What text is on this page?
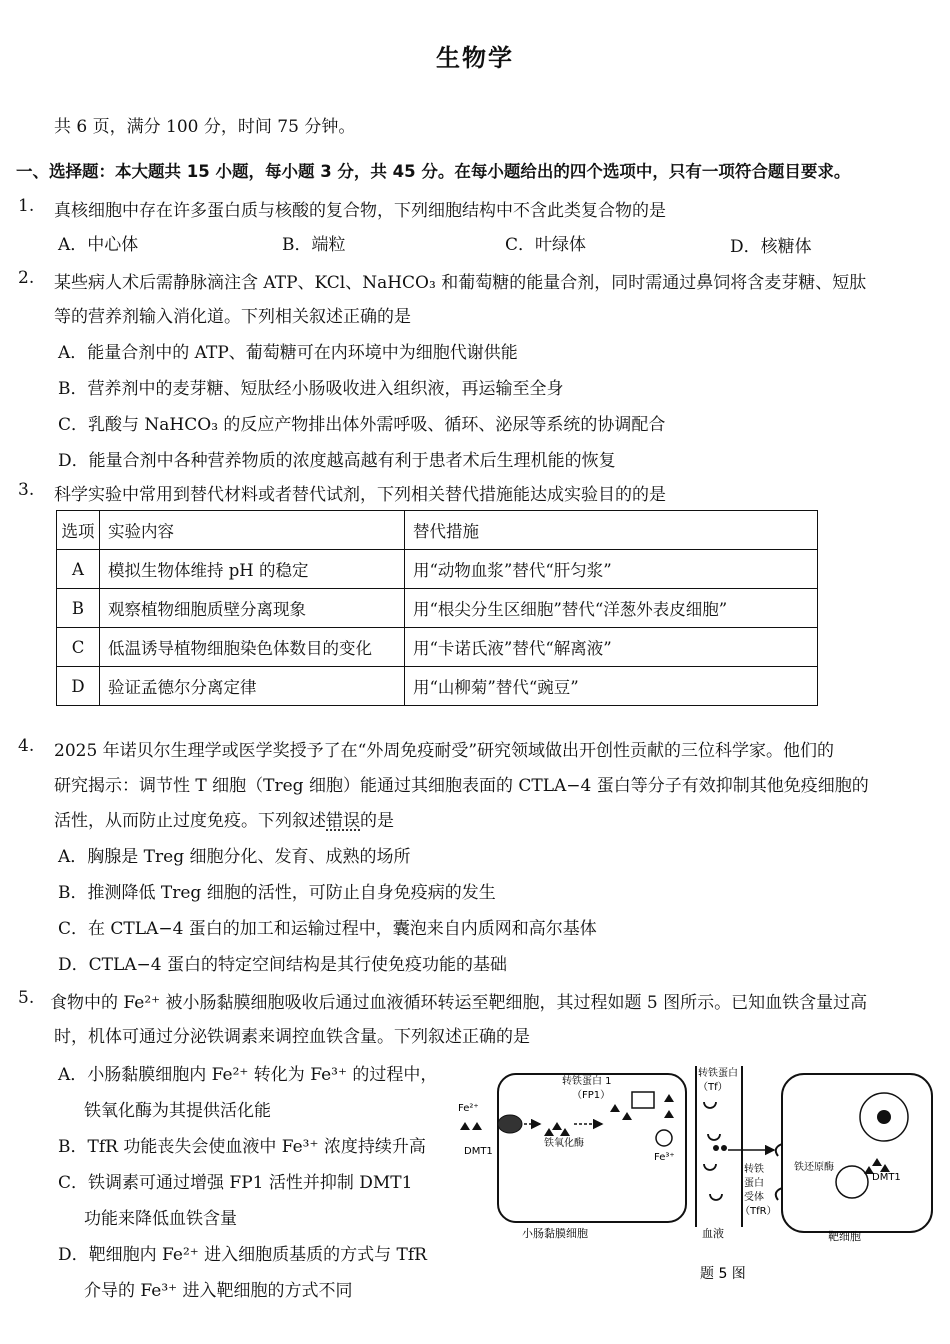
生物学
共 6 页，满分 100 分，时间 75 分钟。
一、选择题：本大题共 15 小题，每小题 3 分，共 45 分。在每小题给出的四个选项中，只有一项符合题目要求。
1. 真核细胞中存在许多蛋白质与核酸的复合物，下列细胞结构中不含此类复合物的是
A．中心体	B．端粒	C．叶绿体	D．核糖体
2. 某些病人术后需静脉滴注含 ATP、KCl、NaHCO₃ 和葡萄糖的能量合剂，同时需通过鼻饲将含麦芽糖、短肽
等的营养剂输入消化道。下列相关叙述正确的是
A．能量合剂中的 ATP、葡萄糖可在内环境中为细胞代谢供能
B．营养剂中的麦芽糖、短肽经小肠吸收进入组织液，再运输至全身
C．乳酸与 NaHCO₃ 的反应产物排出体外需呼吸、循环、泌尿等系统的协调配合
D．能量合剂中各种营养物质的浓度越高越有利于患者术后生理机能的恢复
3. 科学实验中常用到替代材料或者替代试剂，下列相关替代措施能达成实验目的的是
选项	实验内容	替代措施
A	模拟生物体维持 pH 的稳定	用“动物血浆”替代“肝匀浆”
B	观察植物细胞质壁分离现象	用“根尖分生区细胞”替代“洋葱外表皮细胞”
C	低温诱导植物细胞染色体数目的变化	用“卡诺氏液”替代“解离液”
D	验证孟德尔分离定律	用“山柳菊”替代“豌豆”
4. 2025 年诺贝尔生理学或医学奖授予了在“外周免疫耐受”研究领域做出开创性贡献的三位科学家。他们的
研究揭示：调节性 T 细胞（Treg 细胞）能通过其细胞表面的 CTLA−4 蛋白等分子有效抑制其他免疫细胞的
活性，从而防止过度免疫。下列叙述错误的是
A．胸腺是 Treg 细胞分化、发育、成熟的场所
B．推测降低 Treg 细胞的活性，可防止自身免疫病的发生
C．在 CTLA−4 蛋白的加工和运输过程中，囊泡来自内质网和高尔基体
D．CTLA−4 蛋白的特定空间结构是其行使免疫功能的基础
5. 食物中的 Fe²⁺ 被小肠黏膜细胞吸收后通过血液循环转运至靶细胞，其过程如题 5 图所示。已知血铁含量过高
时，机体可通过分泌铁调素来调控血铁含量。下列叙述正确的是
A．小肠黏膜细胞内 Fe²⁺ 转化为 Fe³⁺ 的过程中，
铁氧化酶为其提供活化能
B．TfR 功能丧失会使血液中 Fe³⁺ 浓度持续升高
C．铁调素可通过增强 FP1 活性并抑制 DMT1
功能来降低血铁含量
D．靶细胞内 Fe²⁺ 进入细胞质基质的方式与 TfR
介导的 Fe³⁺ 进入靶细胞的方式不同
Fe²⁺
DMT1
铁氧化酶
转铁蛋白 1
（FP1）
Fe³⁺
转铁蛋白
（Tf）
转铁
蛋白
受体
（TfR）
铁还原酶
DMT1
小肠黏膜细胞	血液	靶细胞
题 5 图
